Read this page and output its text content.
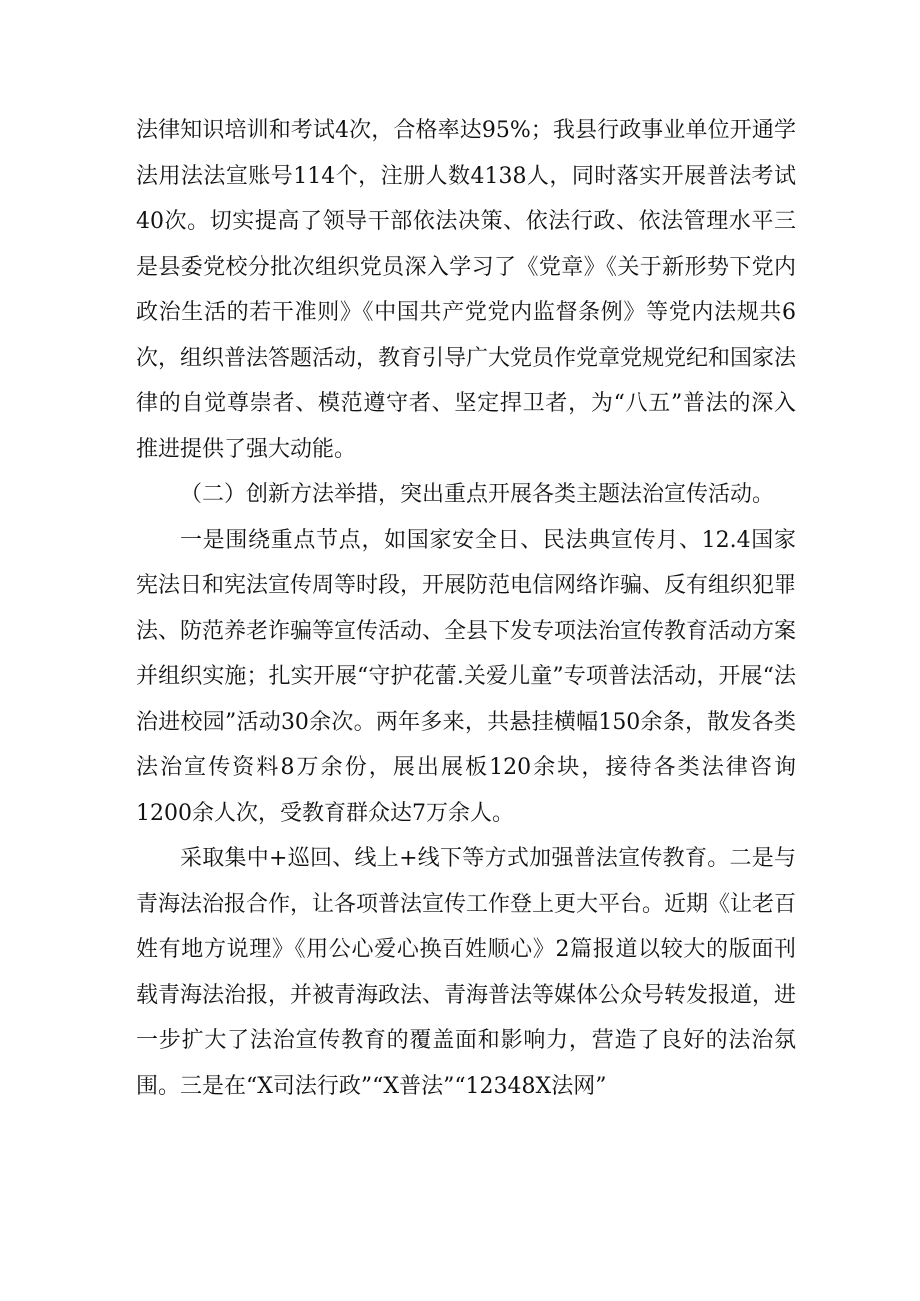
法律知识培训和考试4次，合格率达95%；我县行政事业单位开通学法用法法宣账号114个，注册人数4138人，同时落实开展普法考试40次。切实提高了领导干部依法决策、依法行政、依法管理水平三是县委党校分批次组织党员深入学习了《党章》《关于新形势下党内政治生活的若干准则》《中国共产党党内监督条例》等党内法规共6次，组织普法答题活动，教育引导广大党员作党章党规党纪和国家法律的自觉尊崇者、模范遵守者、坚定捍卫者，为“八五”普法的深入推进提供了强大动能。

（二）创新方法举措，突出重点开展各类主题法治宣传活动。

一是围绕重点节点，如国家安全日、民法典宣传月、12.4国家宪法日和宪法宣传周等时段，开展防范电信网络诈骗、反有组织犯罪法、防范养老诈骗等宣传活动、全县下发专项法治宣传教育活动方案并组织实施；扎实开展“守护花蕾.关爱儿童”专项普法活动，开展“法治进校园”活动30余次。两年多来，共悬挂横幅150余条，散发各类法治宣传资料8万余份，展出展板120余块，接待各类法律咨询1200余人次，受教育群众达7万余人。

采取集中+巡回、线上+线下等方式加强普法宣传教育。二是与青海法治报合作，让各项普法宣传工作登上更大平台。近期《让老百姓有地方说理》《用公心爱心换百姓顺心》2篇报道以较大的版面刊载青海法治报，并被青海政法、青海普法等媒体公众号转发报道，进一步扩大了法治宣传教育的覆盖面和影响力，营造了良好的法治氛围。三是在“X司法行政”“X普法”“12348X法网”
